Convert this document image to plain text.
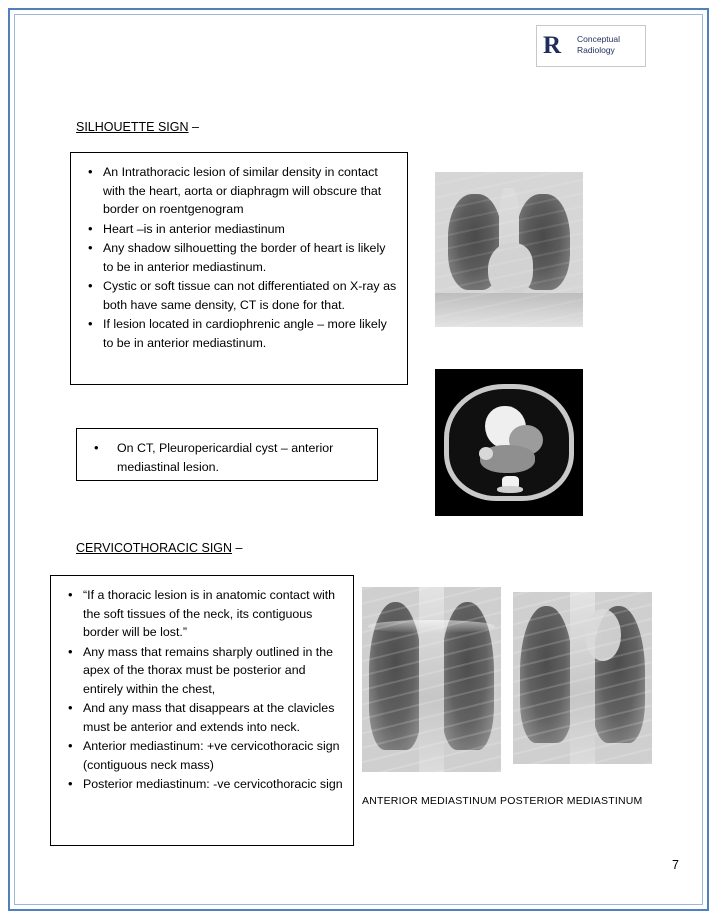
R	Conceptual
Radiology
SILHOUETTE SIGN –
• An Intrathoracic lesion of similar density in contact with the heart, aorta or diaphragm will obscure that border on roentgenogram
• Heart –is in anterior mediastinum
• Any shadow silhouetting the border of heart is likely to be in anterior mediastinum.
• Cystic or soft tissue can not differentiated on X-ray as both have same density, CT is done for that.
• If lesion located in cardiophrenic angle – more likely to be in anterior mediastinum.
• On CT, Pleuropericardial cyst – anterior mediastinal lesion.
CERVICOTHORACIC SIGN –
• “If a thoracic lesion is in anatomic contact with the soft tissues of the neck, its contiguous border will be lost.”
• Any mass that remains sharply outlined in the apex of the thorax must be posterior and entirely within the chest,
• And any mass that disappears at the clavicles must be anterior and extends into neck.
• Anterior mediastinum: +ve cervicothoracic sign (contiguous neck mass)
• Posterior mediastinum: -ve cervicothoracic sign
ANTERIOR MEDIASTINUM POSTERIOR MEDIASTINUM
7
